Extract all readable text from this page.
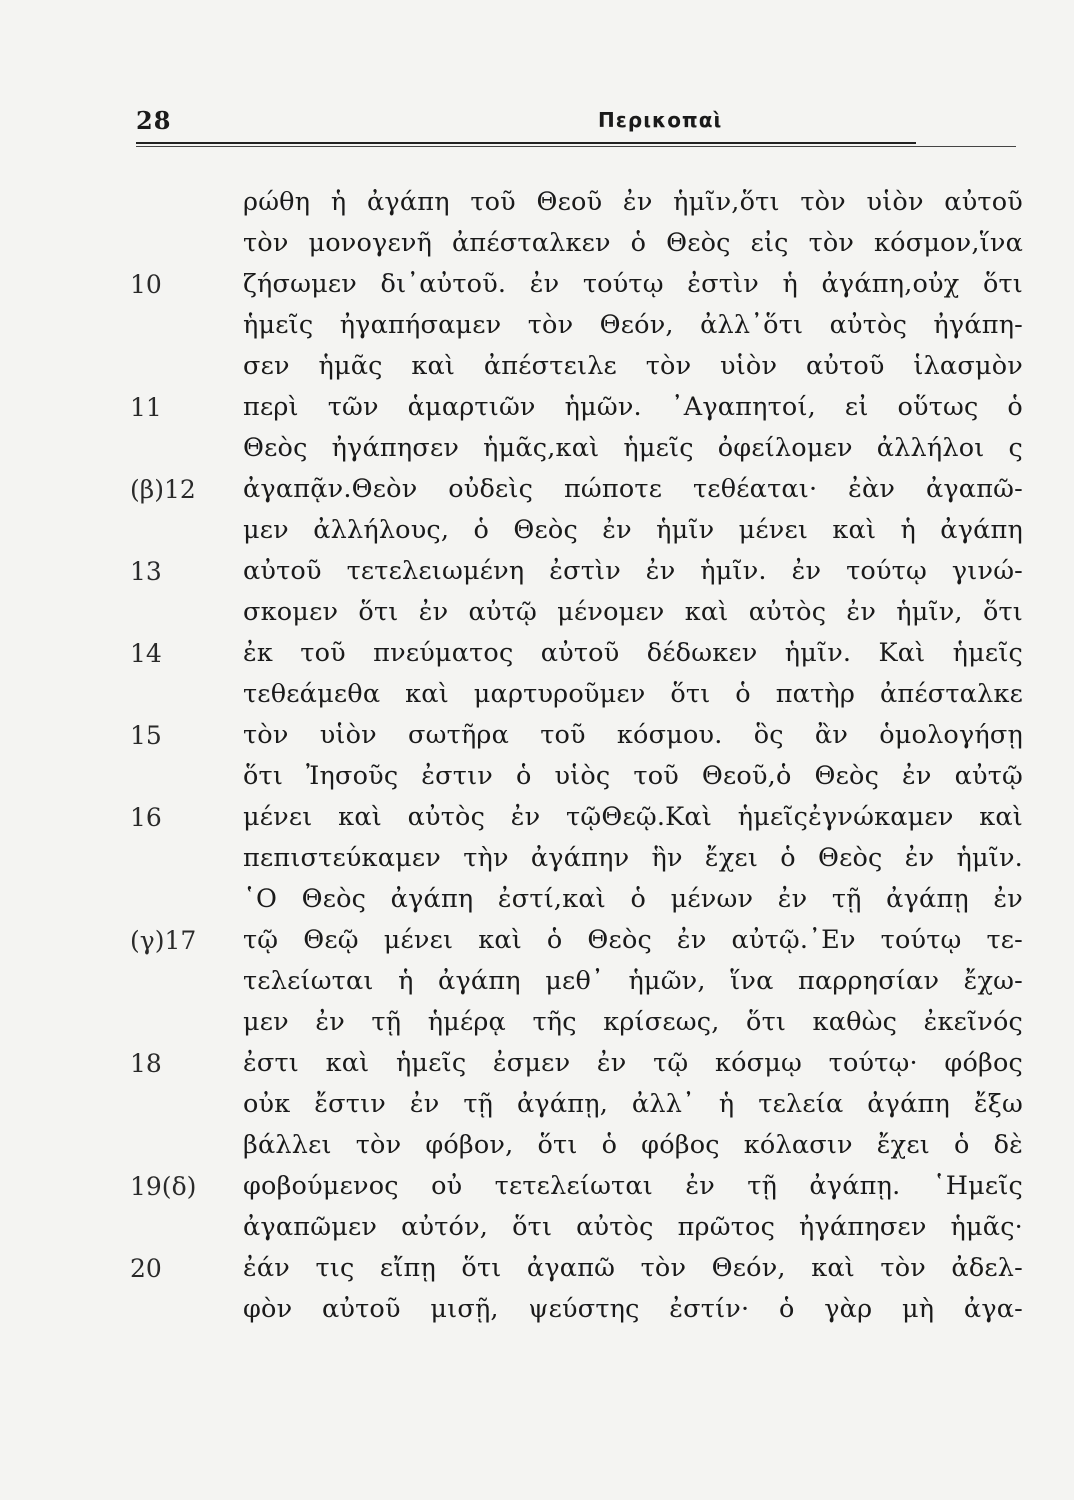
28	Περικοπαὶ
ρώθη ἡ ἀγάπη τοῦ Θεοῦ ἐν ἡμῖν,ὅτι τὸν υἱὸν αὐτοῦ
τὸν μονογενῆ ἀπέσταλκεν ὁ Θεὸς εἰς τὸν κόσμον,ἵνα
10	ζήσωμεν δι᾽αὐτοῦ. ἐν τούτῳ ἐστὶν ἡ ἀγάπη,οὐχ ὅτι
ἡμεῖς ἠγαπήσαμεν τὸν Θεόν, ἀλλ᾽ὅτι αὐτὸς ἠγάπη-
σεν ἡμᾶς καὶ ἀπέστειλε τὸν υἱὸν αὐτοῦ ἱλασμὸν
11	περὶ τῶν ἁμαρτιῶν ἡμῶν. ᾿Αγαπητοί, εἰ οὕτως ὁ
Θεὸς ἠγάπησεν ἡμᾶς,καὶ ἡμεῖς ὀφείλομεν ἀλλήλοι ς
(β)12	ἀγαπᾷν.Θεὸν οὐδεὶς πώποτε τεθέαται· ἐὰν ἀγαπῶ-
μεν ἀλλήλους, ὁ Θεὸς ἐν ἡμῖν μένει καὶ ἡ ἀγάπη
13	αὐτοῦ τετελειωμένη ἐστὶν ἐν ἡμῖν. ἐν τούτῳ γινώ-
σκομεν ὅτι ἐν αὐτῷ μένομεν καὶ αὐτὸς ἐν ἡμῖν, ὅτι
14	ἐκ τοῦ πνεύματος αὐτοῦ δέδωκεν ἡμῖν. Καὶ ἡμεῖς
τεθεάμεθα καὶ μαρτυροῦμεν ὅτι ὁ πατὴρ ἀπέσταλκε
15	τὸν υἱὸν σωτῆρα τοῦ κόσμου. ὃς ἂν ὁμολογήσῃ
ὅτι Ἰησοῦς ἐστιν ὁ υἱὸς τοῦ Θεοῦ,ὁ Θεὸς ἐν αὐτῷ
16	μένει καὶ αὐτὸς ἐν τῷΘεῷ.Καὶ ἡμεῖςἐγνώκαμεν καὶ
πεπιστεύκαμεν τὴν ἀγάπην ἣν ἔχει ὁ Θεὸς ἐν ἡμῖν.
῾Ο Θεὸς ἀγάπη ἐστί,καὶ ὁ μένων ἐν τῇ ἀγάπῃ ἐν
(γ)17	τῷ Θεῷ μένει καὶ ὁ Θεὸς ἐν αὐτῷ.᾿Εν τούτῳ τε-
τελείωται ἡ ἀγάπη μεθ᾽ ἡμῶν, ἵνα παρρησίαν ἔχω-
μεν ἐν τῇ ἡμέρᾳ τῆς κρίσεως, ὅτι καθὼς ἐκεῖνός
18	ἐστι καὶ ἡμεῖς ἐσμεν ἐν τῷ κόσμῳ τούτῳ· φόβος
οὐκ ἔστιν ἐν τῇ ἀγάπῃ, ἀλλ᾽ ἡ τελεία ἀγάπη ἔξω
βάλλει τὸν φόβον, ὅτι ὁ φόβος κόλασιν ἔχει ὁ δὲ
19(δ)	φοβούμενος οὐ τετελείωται ἐν τῇ ἀγάπῃ. ῾Ημεῖς
ἀγαπῶμεν αὐτόν, ὅτι αὐτὸς πρῶτος ἠγάπησεν ἡμᾶς·
20	ἐάν τις εἴπῃ ὅτι ἀγαπῶ τὸν Θεόν, καὶ τὸν ἀδελ-
φὸν αὐτοῦ μισῇ, ψεύστης ἐστίν· ὁ γὰρ μὴ ἀγα-
